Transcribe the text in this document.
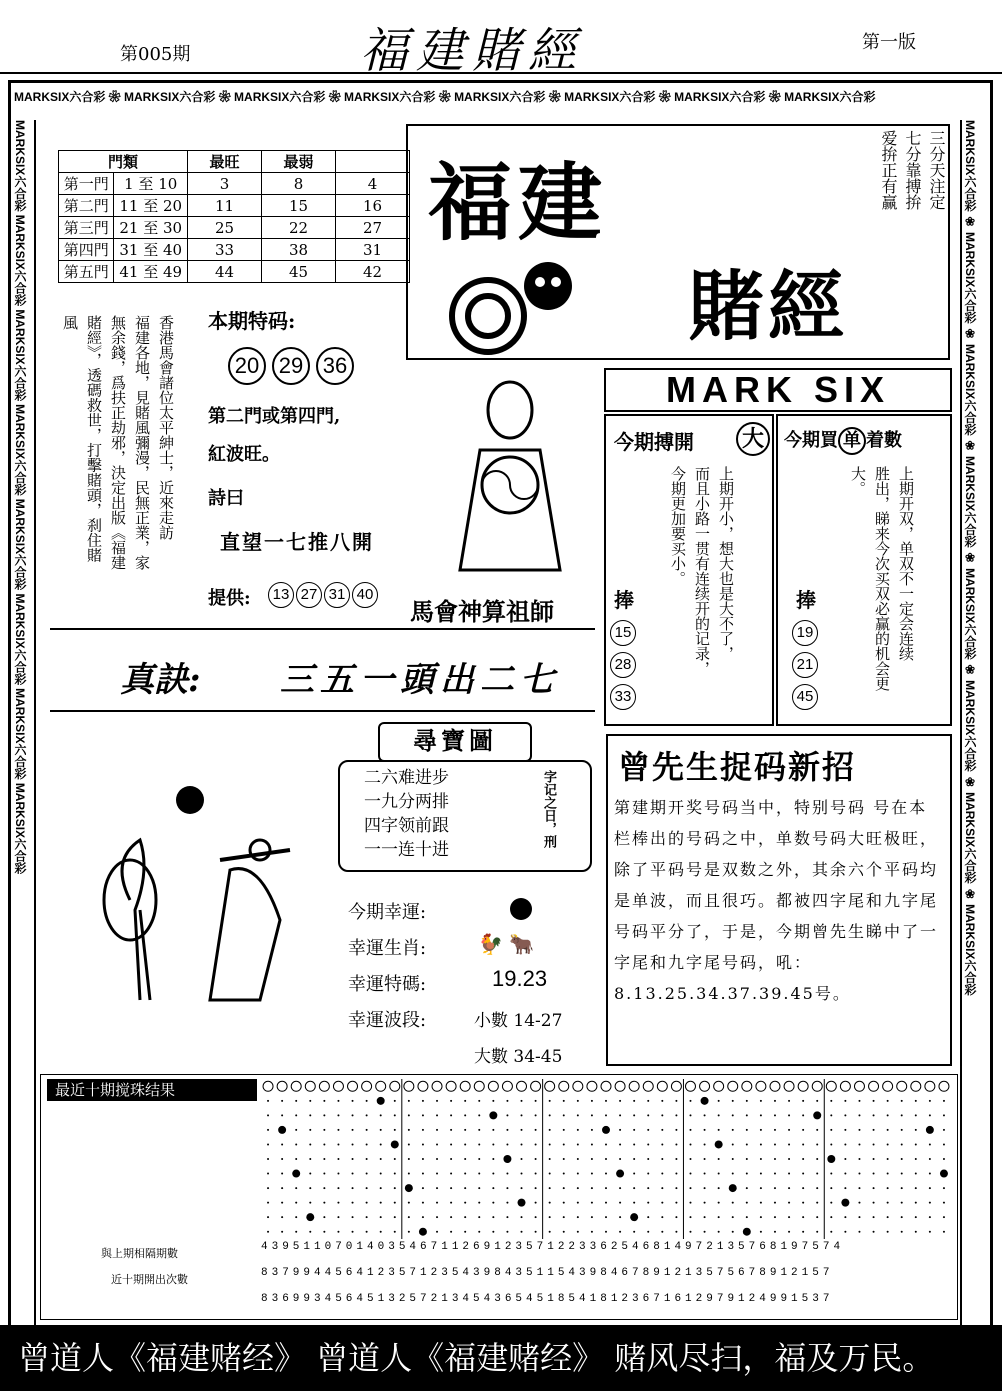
第005期	福建賭經	第一版
MARKSIX六合彩 ❀ MARKSIX六合彩 ❀ MARKSIX六合彩 ❀ MARKSIX六合彩 ❀ MARKSIX六合彩 ❀ MARKSIX六合彩 ❀ MARKSIX六合彩 ❀ MARKSIX六合彩
MARKSIX六合彩 MARKSIX六合彩 MARKSIX六合彩 MARKSIX六合彩 MARKSIX六合彩 MARKSIX六合彩 MARKSIX六合彩 MARKSIX六合彩
MARKSIX六合彩 ❀ MARKSIX六合彩 ❀ MARKSIX六合彩 ❀ MARKSIX六合彩 ❀ MARKSIX六合彩 ❀ MARKSIX六合彩 ❀ MARKSIX六合彩 ❀ MARKSIX六合彩
門類		最旺	最弱	
第一門	1 至 10	3	8	4
第二門	11 至 20	11	15	16
第三門	21 至 30	25	22	27
第四門	31 至 40	33	38	31
第五門	41 至 49	44	45	42
福建
賭經
三分天注定
七分靠搏拚
爱拚正有赢
香港馬會諸位太平紳士，近來走訪
福建各地，見賭風彌漫，民無正業，家
無余錢，爲扶正劫邪，決定出版《福建
賭經》，透碼救世，打擊賭頭，刹住賭
風	本期特码:
20 29 36
第二門或第四門,
紅波旺。
詩曰
直望一七推八開
提供:	13 27 31 40
馬會神算祖師
真訣: 三五一頭出二七
MARK SIX
今期搏開 大
上期开小，想大也是大不了，
而且小路一贯有连续开的记录，
今期更加要买小。
捧
15
28
33
今期買 单 着數
上期开双，单双不一定会连续
胜出，睇来今次买双必赢的机会更
大。
捧
19
21
45
尋寶圖
二六难进步
一九分两排
四字领前跟
一一连十进
字记之日，刑
今期幸運:
幸運生肖:	🐓 🐂
幸運特碼:	19.23
幸運波段:	小數 14-27
大數 34-45
曾先生捉码新招
第建期开奖号码当中，特别号码 号在本栏棒出的号码之中，单数号码大旺极旺，除了平码号是双数之外，其余六个平码均是单波，而且很巧。都被四字尾和九字尾号码平分了，于是，今期曾先生睇中了一字尾和九字尾号码，吼：8.13.25.34.37.39.45号。
最近十期搅珠结果
與上期相隔期數
近十期開出次數
4395110701403546711269123571223362546814972135768197574
837994456412357123543984351154398467891213575678912157
836993456451325721345436545185418123671612979124991537
曾道人《福建赌经》 曾道人《福建赌经》 赌风尽扫，福及万民。
